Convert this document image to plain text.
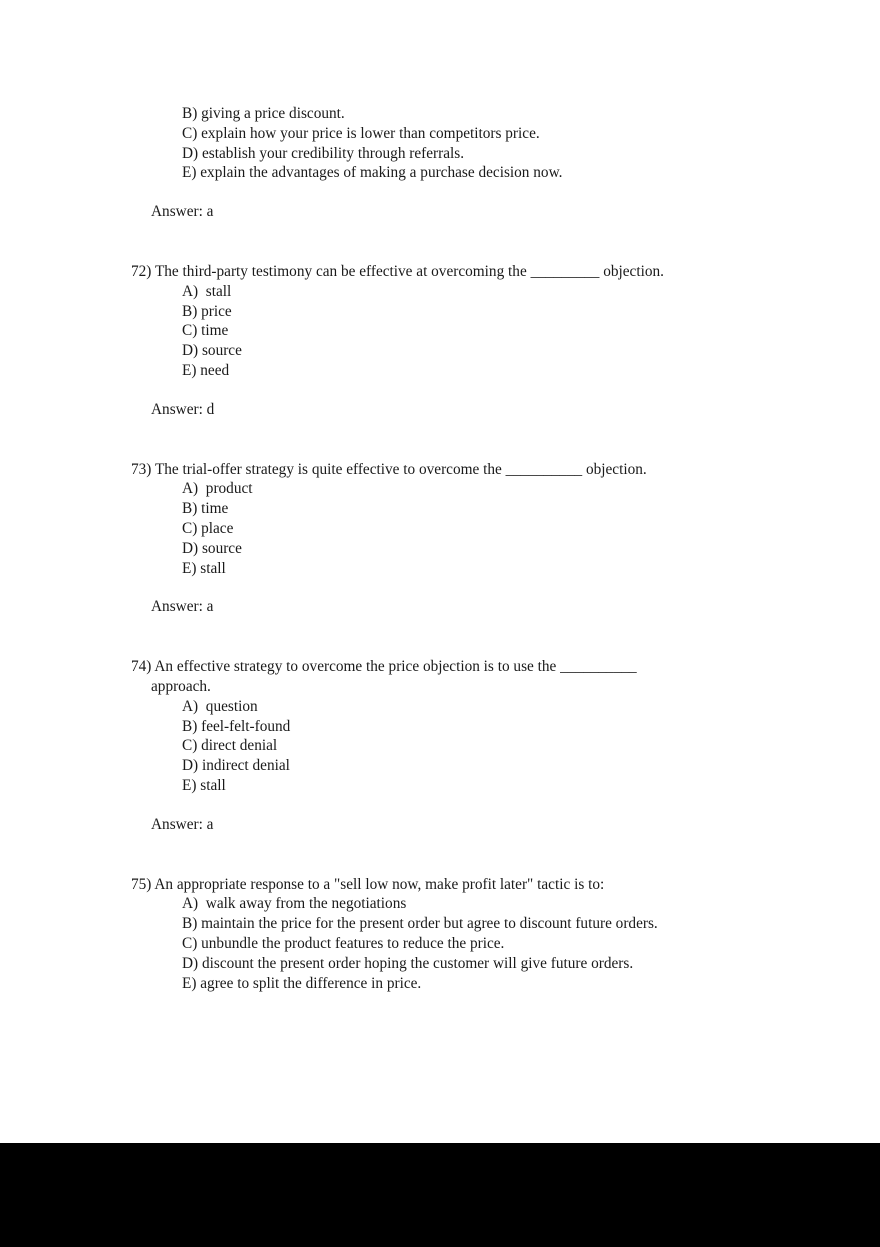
B) giving a price discount.
C) explain how your price is lower than competitors price.
D) establish your credibility through referrals.
E) explain the advantages of making a purchase decision now.
Answer: a

72) The third-party testimony can be effective at overcoming the _________ objection.

A)  stall
B) price
C) time
D) source
E) need
Answer: d

73) The trial-offer strategy is quite effective to overcome the __________ objection.

A)  product
B) time
C) place
D) source
E) stall
Answer: a

74) An effective strategy to overcome the price objection is to use the __________
approach.

A)  question
B) feel-felt-found
C) direct denial
D) indirect denial
E) stall
Answer: a

75) An appropriate response to a "sell low now, make profit later" tactic is to:

A)  walk away from the negotiations
B) maintain the price for the present order but agree to discount future orders.
C) unbundle the product features to reduce the price.
D) discount the present order hoping the customer will give future orders.
E) agree to split the difference in price.
